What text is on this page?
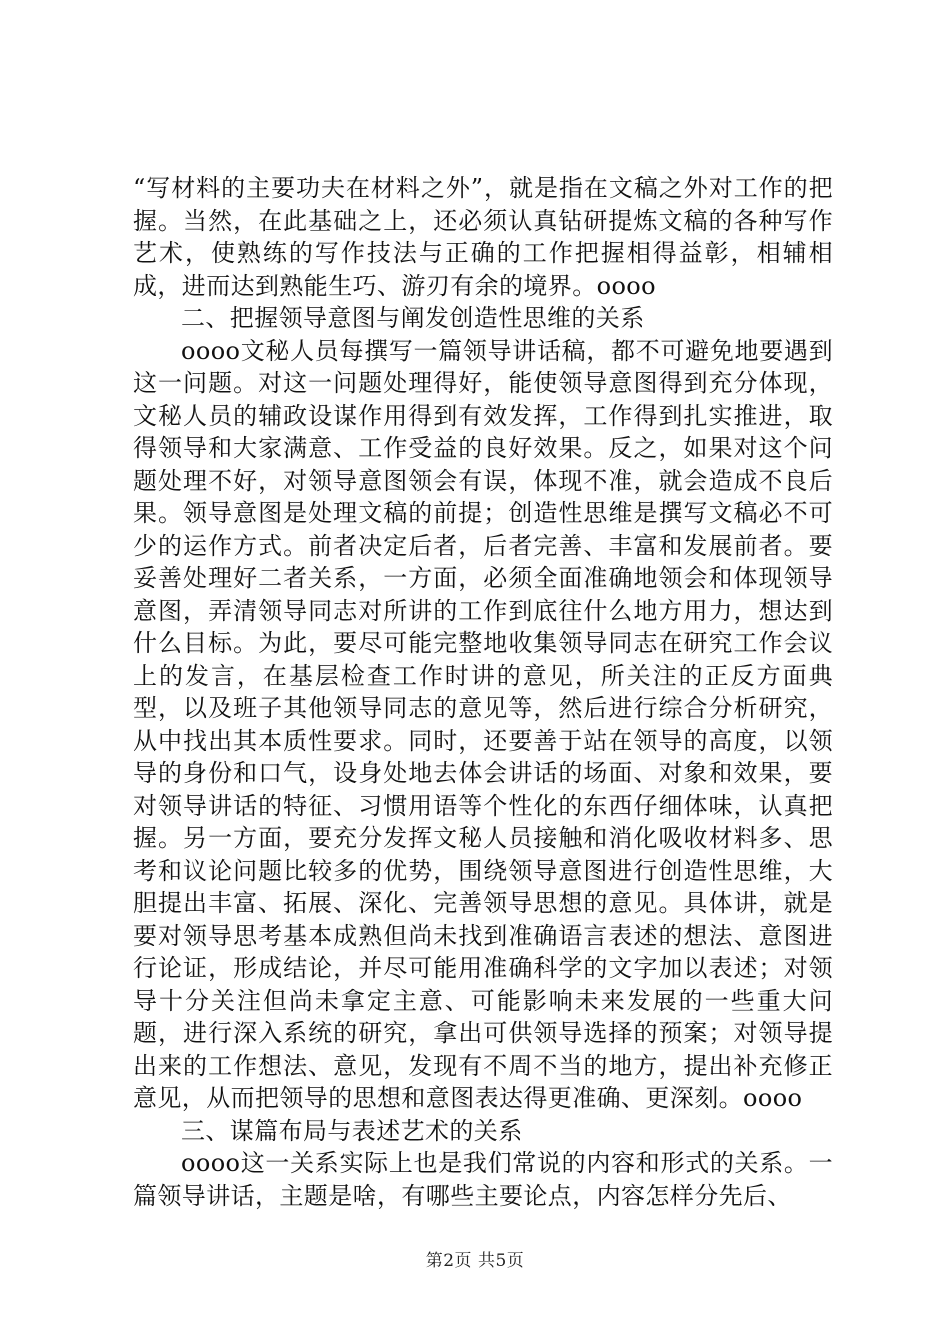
“写材料的主要功夫在材料之外”，就是指在文稿之外对工作的把握。当然，在此基础之上，还必须认真钻研提炼文稿的各种写作艺术，使熟练的写作技法与正确的工作把握相得益彰，相辅相成，进而达到熟能生巧、游刃有余的境界。oooo

二、把握领导意图与阐发创造性思维的关系

oooo文秘人员每撰写一篇领导讲话稿，都不可避免地要遇到这一问题。对这一问题处理得好，能使领导意图得到充分体现，文秘人员的辅政设谋作用得到有效发挥，工作得到扎实推进，取得领导和大家满意、工作受益的良好效果。反之，如果对这个问题处理不好，对领导意图领会有误，体现不准，就会造成不良后果。领导意图是处理文稿的前提；创造性思维是撰写文稿必不可少的运作方式。前者决定后者，后者完善、丰富和发展前者。要妥善处理好二者关系，一方面，必须全面准确地领会和体现领导意图，弄清领导同志对所讲的工作到底往什么地方用力，想达到什么目标。为此，要尽可能完整地收集领导同志在研究工作会议上的发言，在基层检查工作时讲的意见，所关注的正反方面典型，以及班子其他领导同志的意见等，然后进行综合分析研究，从中找出其本质性要求。同时，还要善于站在领导的高度，以领导的身份和口气，设身处地去体会讲话的场面、对象和效果，要对领导讲话的特征、习惯用语等个性化的东西仔细体味，认真把握。另一方面，要充分发挥文秘人员接触和消化吸收材料多、思考和议论问题比较多的优势，围绕领导意图进行创造性思维，大胆提出丰富、拓展、深化、完善领导思想的意见。具体讲，就是要对领导思考基本成熟但尚未找到准确语言表述的想法、意图进行论证，形成结论，并尽可能用准确科学的文字加以表述；对领导十分关注但尚未拿定主意、可能影响未来发展的一些重大问题，进行深入系统的研究，拿出可供领导选择的预案；对领导提出来的工作想法、意见，发现有不周不当的地方，提出补充修正意见，从而把领导的思想和意图表达得更准确、更深刻。oooo

三、谋篇布局与表述艺术的关系

oooo这一关系实际上也是我们常说的内容和形式的关系。一篇领导讲话，主题是啥，有哪些主要论点，内容怎样分先后、

第2页 共5页
